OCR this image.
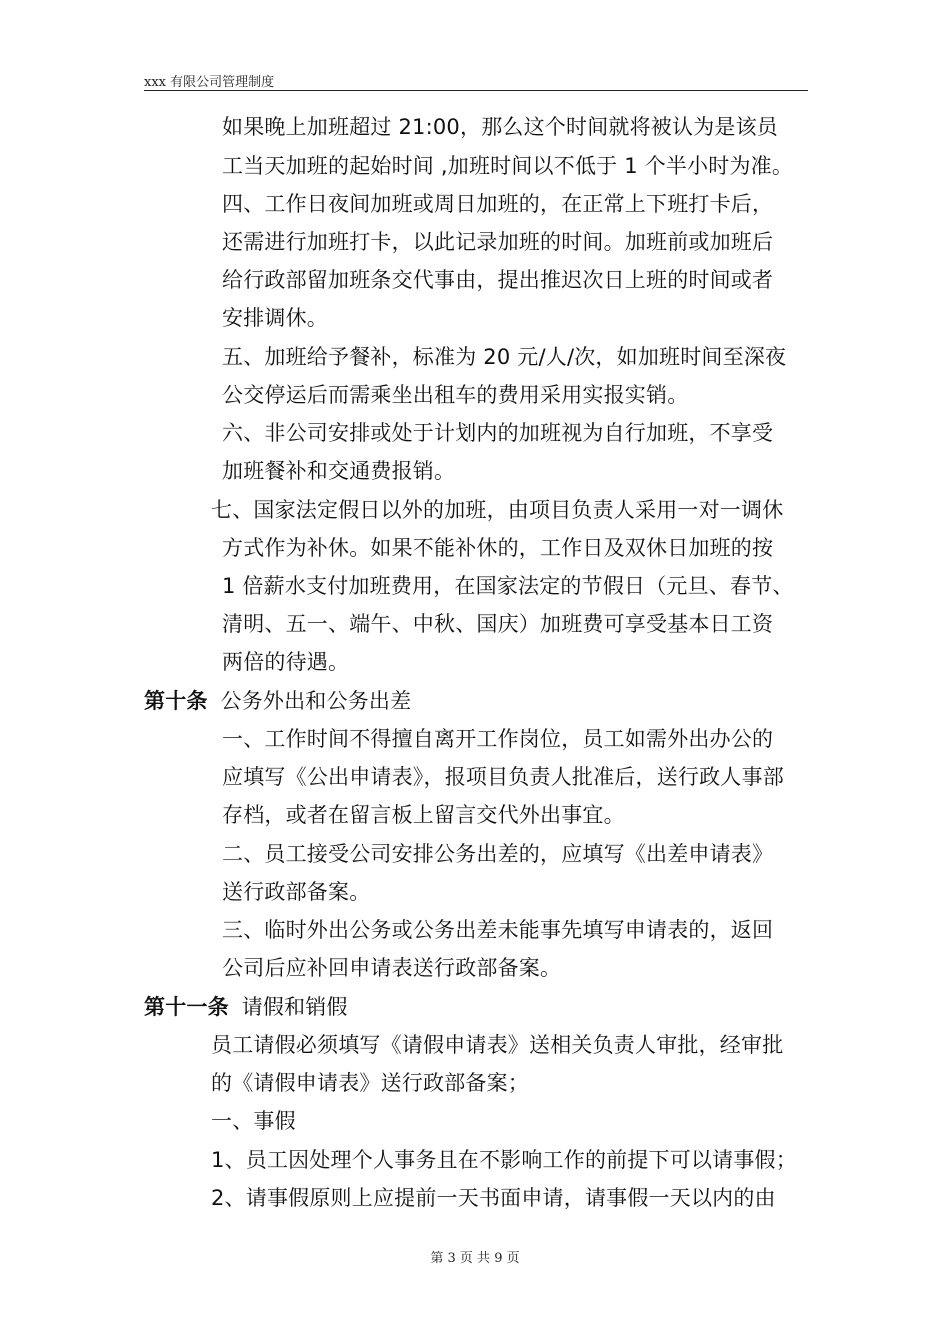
xxx 有限公司管理制度
如果晚上加班超过 21:00，那么这个时间就将被认为是该员
工当天加班的起始时间 ,加班时间以不低于 1 个半小时为准。
四、工作日夜间加班或周日加班的，在正常上下班打卡后，
还需进行加班打卡，以此记录加班的时间。加班前或加班后
给行政部留加班条交代事由，提出推迟次日上班的时间或者
安排调休。
五、加班给予餐补，标准为 20 元/人/次，如加班时间至深夜
公交停运后而需乘坐出租车的费用采用实报实销。
六、非公司安排或处于计划内的加班视为自行加班，不享受
加班餐补和交通费报销。
七、国家法定假日以外的加班，由项目负责人采用一对一调休
方式作为补休。如果不能补休的，工作日及双休日加班的按
1 倍薪水支付加班费用，在国家法定的节假日（元旦、春节、
清明、五一、端午、中秋、国庆）加班费可享受基本日工资
两倍的待遇。
第十条 公务外出和公务出差
一、工作时间不得擅自离开工作岗位，员工如需外出办公的
应填写《公出申请表》，报项目负责人批准后，送行政人事部
存档，或者在留言板上留言交代外出事宜。
二、员工接受公司安排公务出差的，应填写《出差申请表》
送行政部备案。
三、临时外出公务或公务出差未能事先填写申请表的，返回
公司后应补回申请表送行政部备案。
第十一条 请假和销假
员工请假必须填写《请假申请表》送相关负责人审批，经审批
的《请假申请表》送行政部备案；
一、事假
1、员工因处理个人事务且在不影响工作的前提下可以请事假；
2、请事假原则上应提前一天书面申请，请事假一天以内的由
第 3 页 共 9 页
